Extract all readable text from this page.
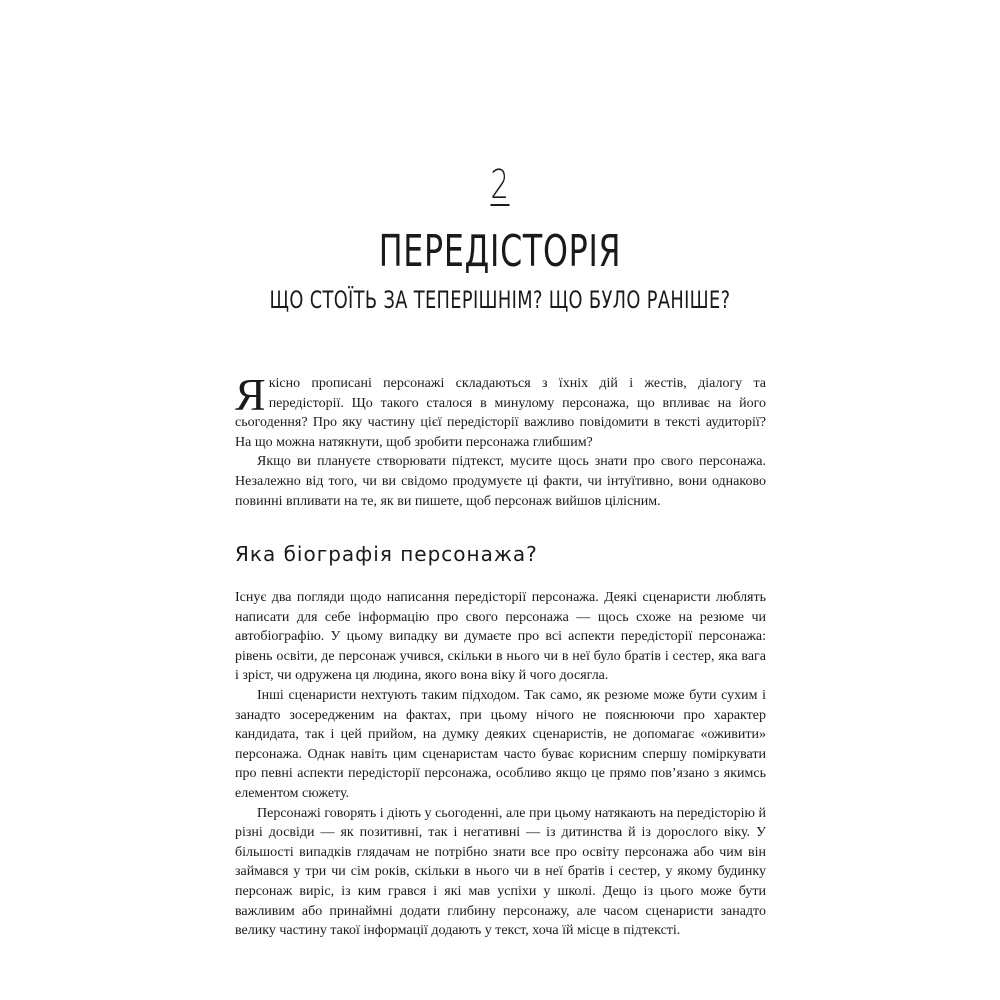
2
ПЕРЕДІСТОРІЯ
ЩО СТОЇТЬ ЗА ТЕПЕРІШНІМ? ЩО БУЛО РАНІШЕ?

Якісно прописані персонажі складаються з їхніх дій і жестів, діалогу та передісторії. Що такого сталося в минулому персонажа, що впливає на його сьогодення? Про яку частину цієї передісторії важливо повідомити в тексті аудиторії? На що можна натякнути, щоб зробити персонажа глибшим?

Якщо ви плануєте створювати підтекст, мусите щось знати про свого персонажа. Незалежно від того, чи ви свідомо продумуєте ці факти, чи інтуїтивно, вони однаково повинні впливати на те, як ви пишете, щоб персонаж вийшов цілісним.

Яка біографія персонажа?

Існує два погляди щодо написання передісторії персонажа. Деякі сценаристи люблять написати для себе інформацію про свого персонажа — щось схоже на резюме чи автобіографію. У цьому випадку ви думаєте про всі аспекти передісторії персонажа: рівень освіти, де персонаж учився, скільки в нього чи в неї було братів і сестер, яка вага і зріст, чи одружена ця людина, якого вона віку й чого досягла.

Інші сценаристи нехтують таким підходом. Так само, як резюме може бути сухим і занадто зосередженим на фактах, при цьому нічого не пояснюючи про характер кандидата, так і цей прийом, на думку деяких сценаристів, не допомагає «оживити» персонажа. Однак навіть цим сценаристам часто буває корисним спершу поміркувати про певні аспекти передісторії персонажа, особливо якщо це прямо пов’язано з якимсь елементом сюжету.

Персонажі говорять і діють у сьогоденні, але при цьому натякають на передісторію й різні досвіди — як позитивні, так і негативні — із дитинства й із дорослого віку. У більшості випадків глядачам не потрібно знати все про освіту персонажа або чим він займався у три чи сім років, скільки в нього чи в неї братів і сестер, у якому будинку персонаж виріс, із ким грався і які мав успіхи у школі. Дещо із цього може бути важливим або принаймні додати глибину персонажу, але часом сценаристи занадто велику частину такої інформації додають у текст, хоча їй місце в підтексті.
